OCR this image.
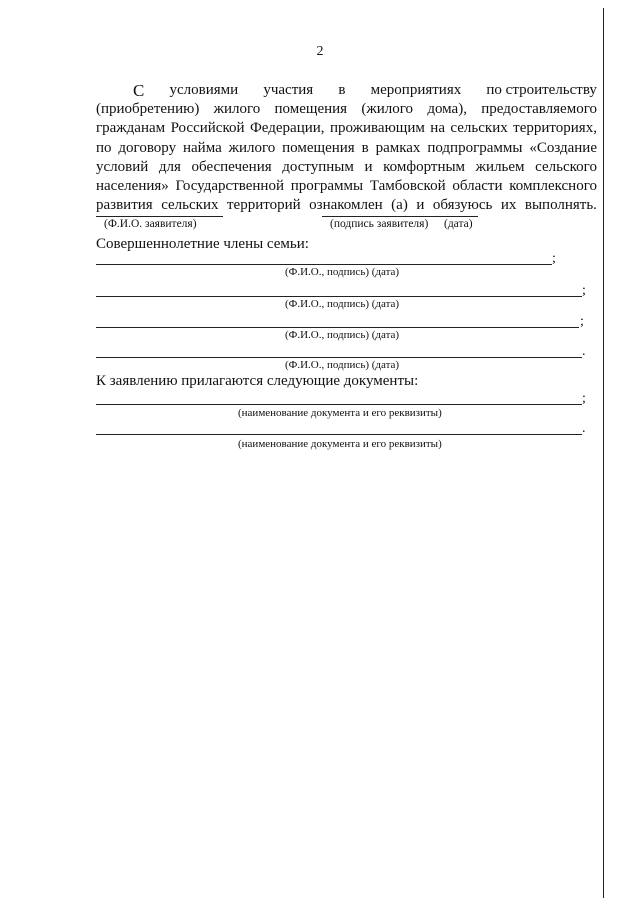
2
С условиями участия в мероприятиях по строительству
(приобретению) жилого помещения (жилого дома), предоставляемого
гражданам Российской Федерации, проживающим на сельских территориях,
по договору найма жилого помещения в рамках подпрограммы «Создание
условий для обеспечения доступным и комфортным жильем сельского
населения» Государственной программы Тамбовской области комплексного
развития сельских территорий ознакомлен (а) и обязуюсь их выполнять.
(Ф.И.О. заявителя)	(подпись заявителя) (дата)
Совершеннолетние члены семьи:
;
(Ф.И.О., подпись) (дата)
;
(Ф.И.О., подпись) (дата)
;
(Ф.И.О., подпись) (дата)
.
(Ф.И.О., подпись) (дата)
К заявлению прилагаются следующие документы:
;
(наименование документа и его реквизиты)
.
(наименование документа и его реквизиты)
